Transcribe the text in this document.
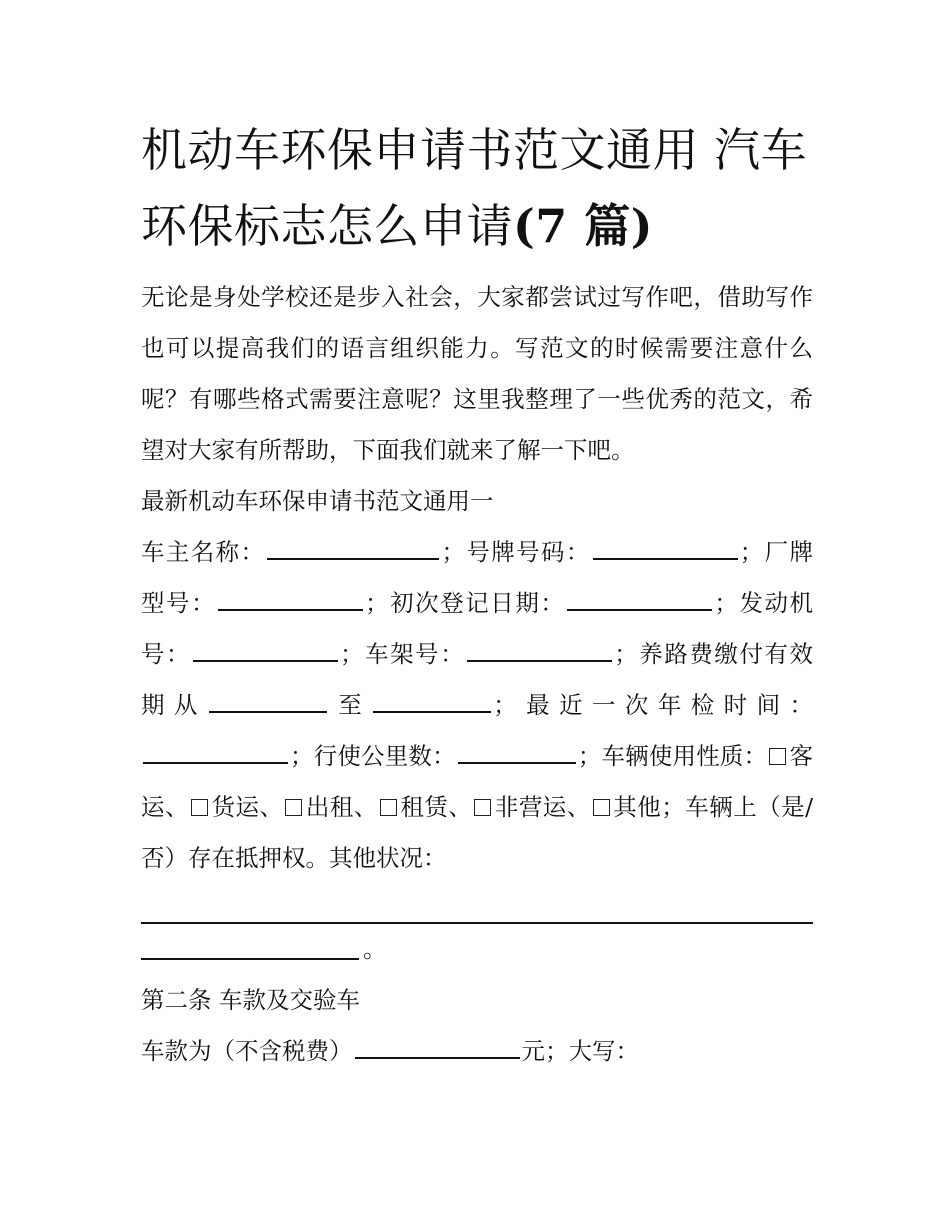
机动车环保申请书范文通用 汽车环保标志怎么申请(7 篇)

无论是身处学校还是步入社会，大家都尝试过写作吧，借助写作也可以提高我们的语言组织能力。写范文的时候需要注意什么呢？有哪些格式需要注意呢？这里我整理了一些优秀的范文，希望对大家有所帮助，下面我们就来了解一下吧。

最新机动车环保申请书范文通用一

车主名称：	；号牌号码：	；厂牌型号：	；初次登记日期：	；发动机号：	；车架号：	；养路费缴付有效期从	至	；最近一次年检时间：；行使公里数：	；车辆使用性质： 客运、 货运、 出租、 租赁、 非营运、 其他；车辆上（是/否）存在抵押权。其他状况：

。

第二条 车款及交验车

车款为（不含税费）	元；大写：
